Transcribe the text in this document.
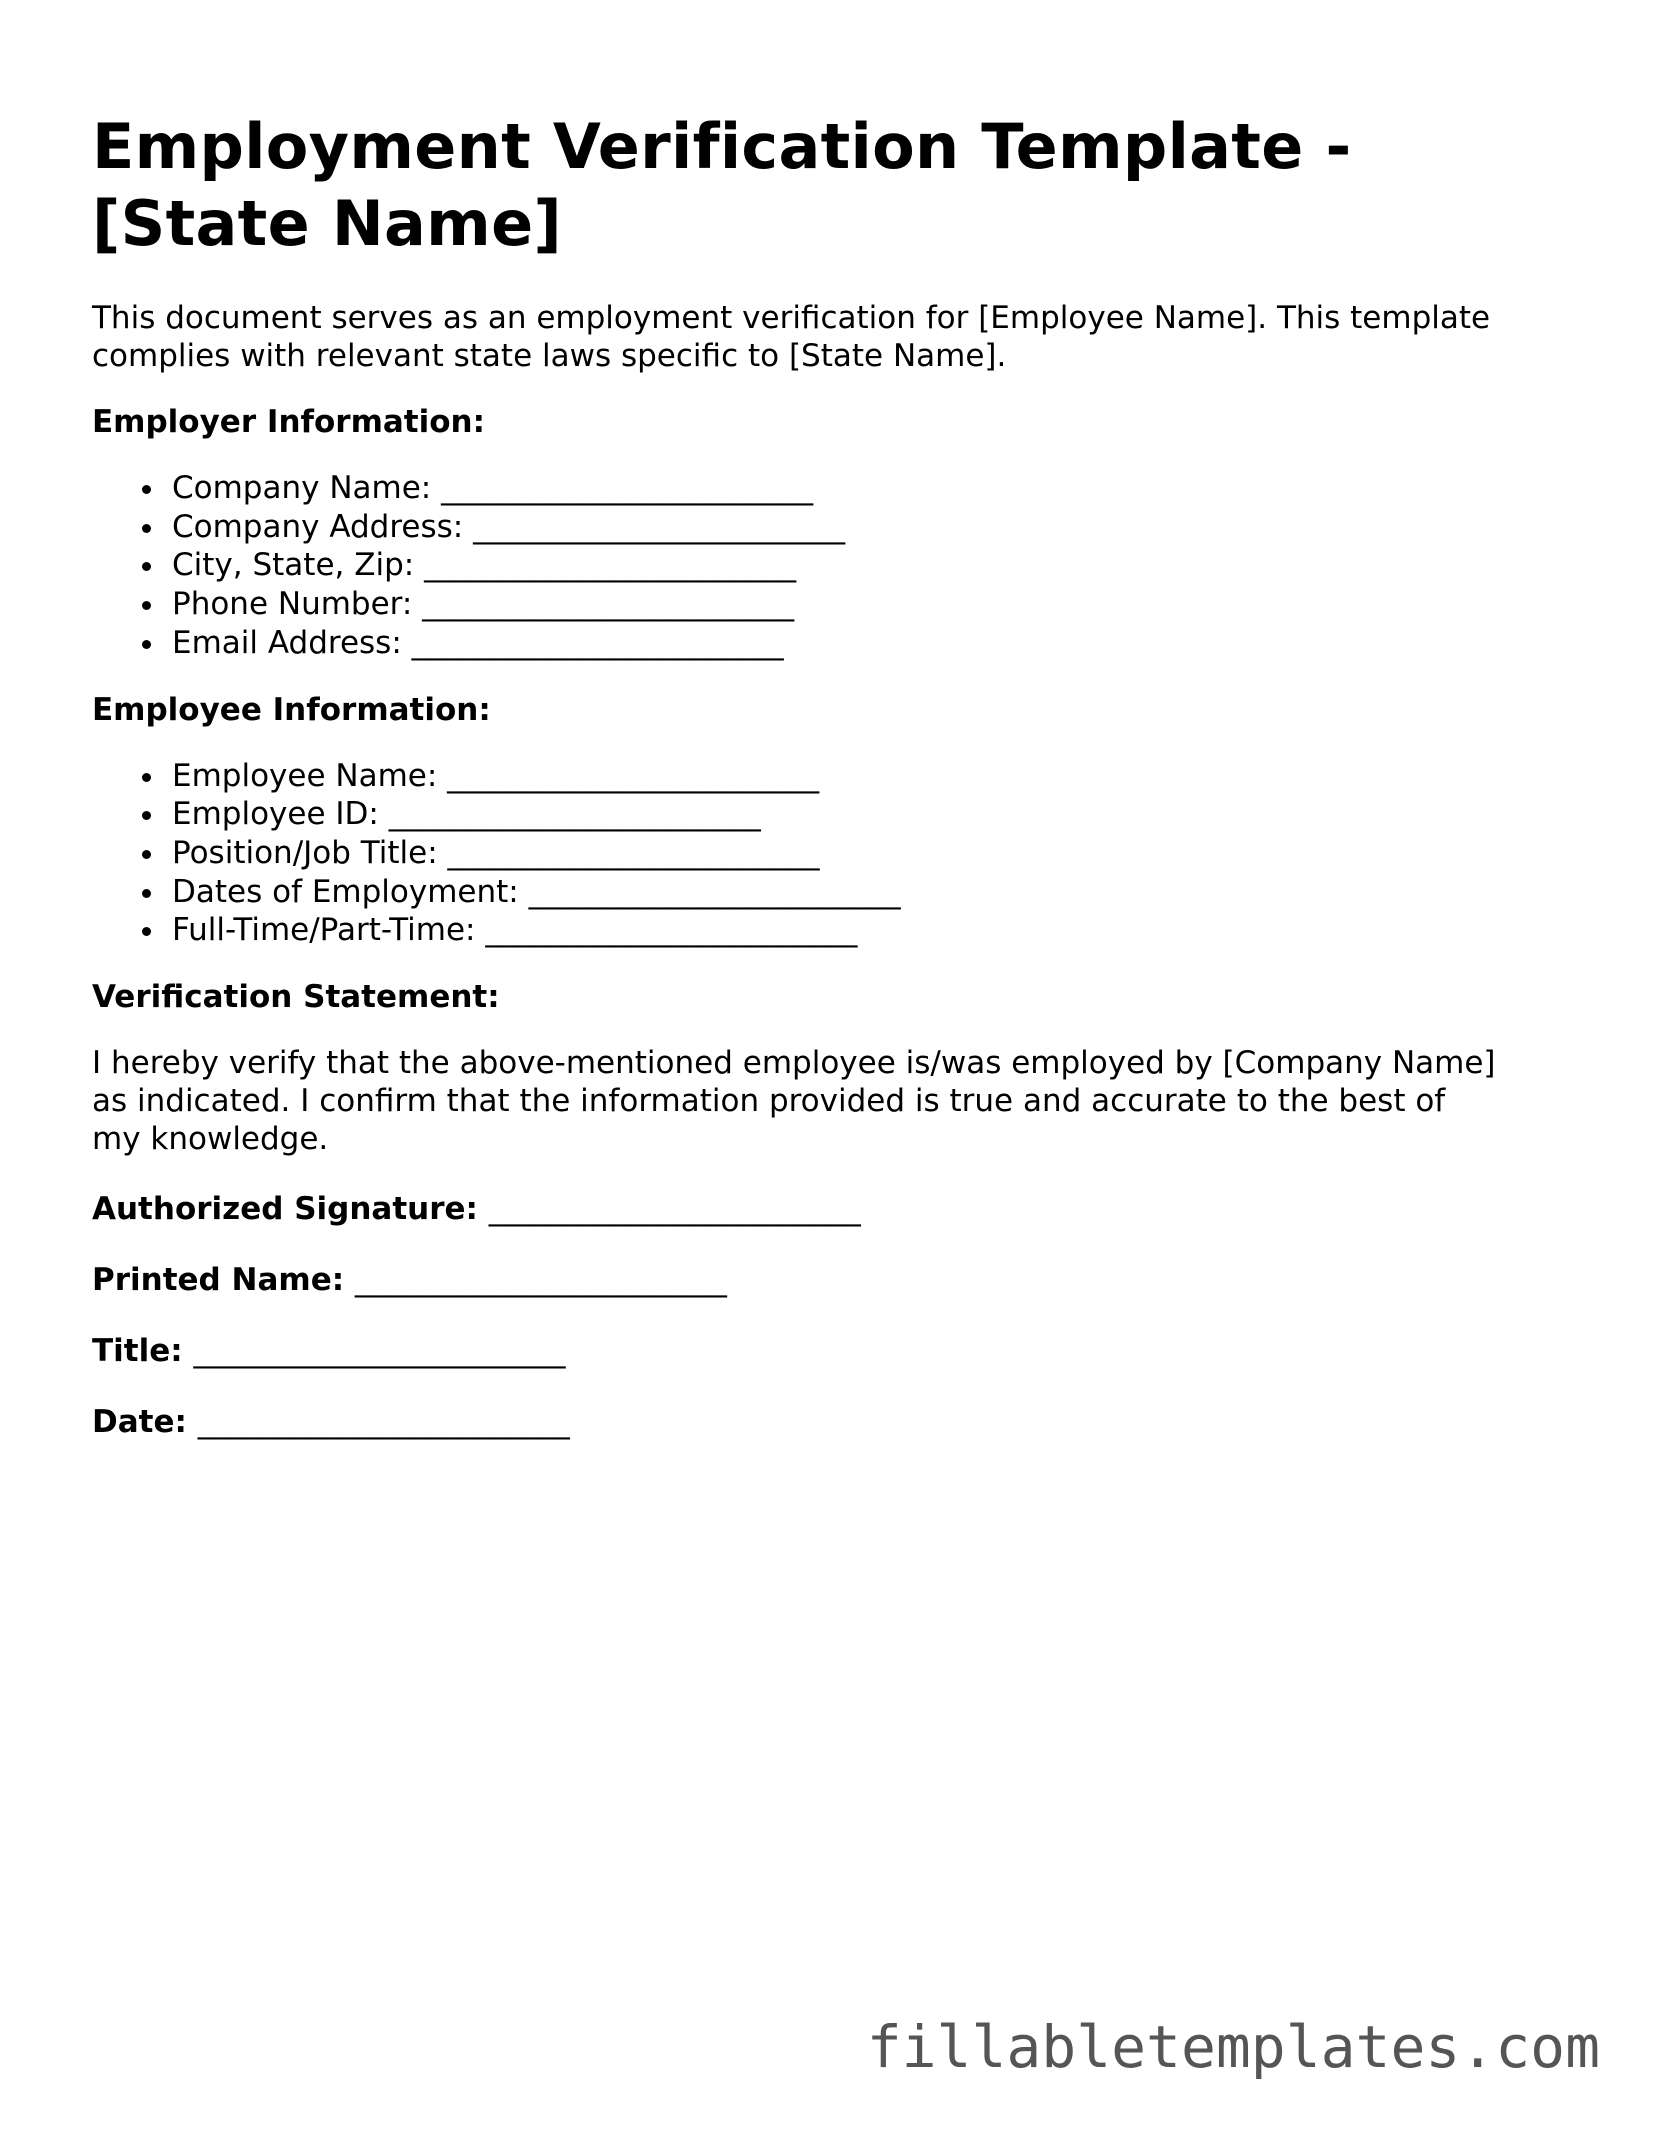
Employment Verification Template -
[State Name]

This document serves as an employment verification for [Employee Name]. This template
complies with relevant state laws specific to [State Name].

Employer Information:

Company Name: ________________________
Company Address: ________________________
City, State, Zip: ________________________
Phone Number: ________________________
Email Address: ________________________

Employee Information:

Employee Name: ________________________
Employee ID: ________________________
Position/Job Title: ________________________
Dates of Employment: ________________________
Full-Time/Part-Time: ________________________

Verification Statement:

I hereby verify that the above-mentioned employee is/was employed by [Company Name]
as indicated. I confirm that the information provided is true and accurate to the best of
my knowledge.

Authorized Signature: ________________________

Printed Name: ________________________

Title: ________________________

Date: ________________________

fillabletemplates.com
